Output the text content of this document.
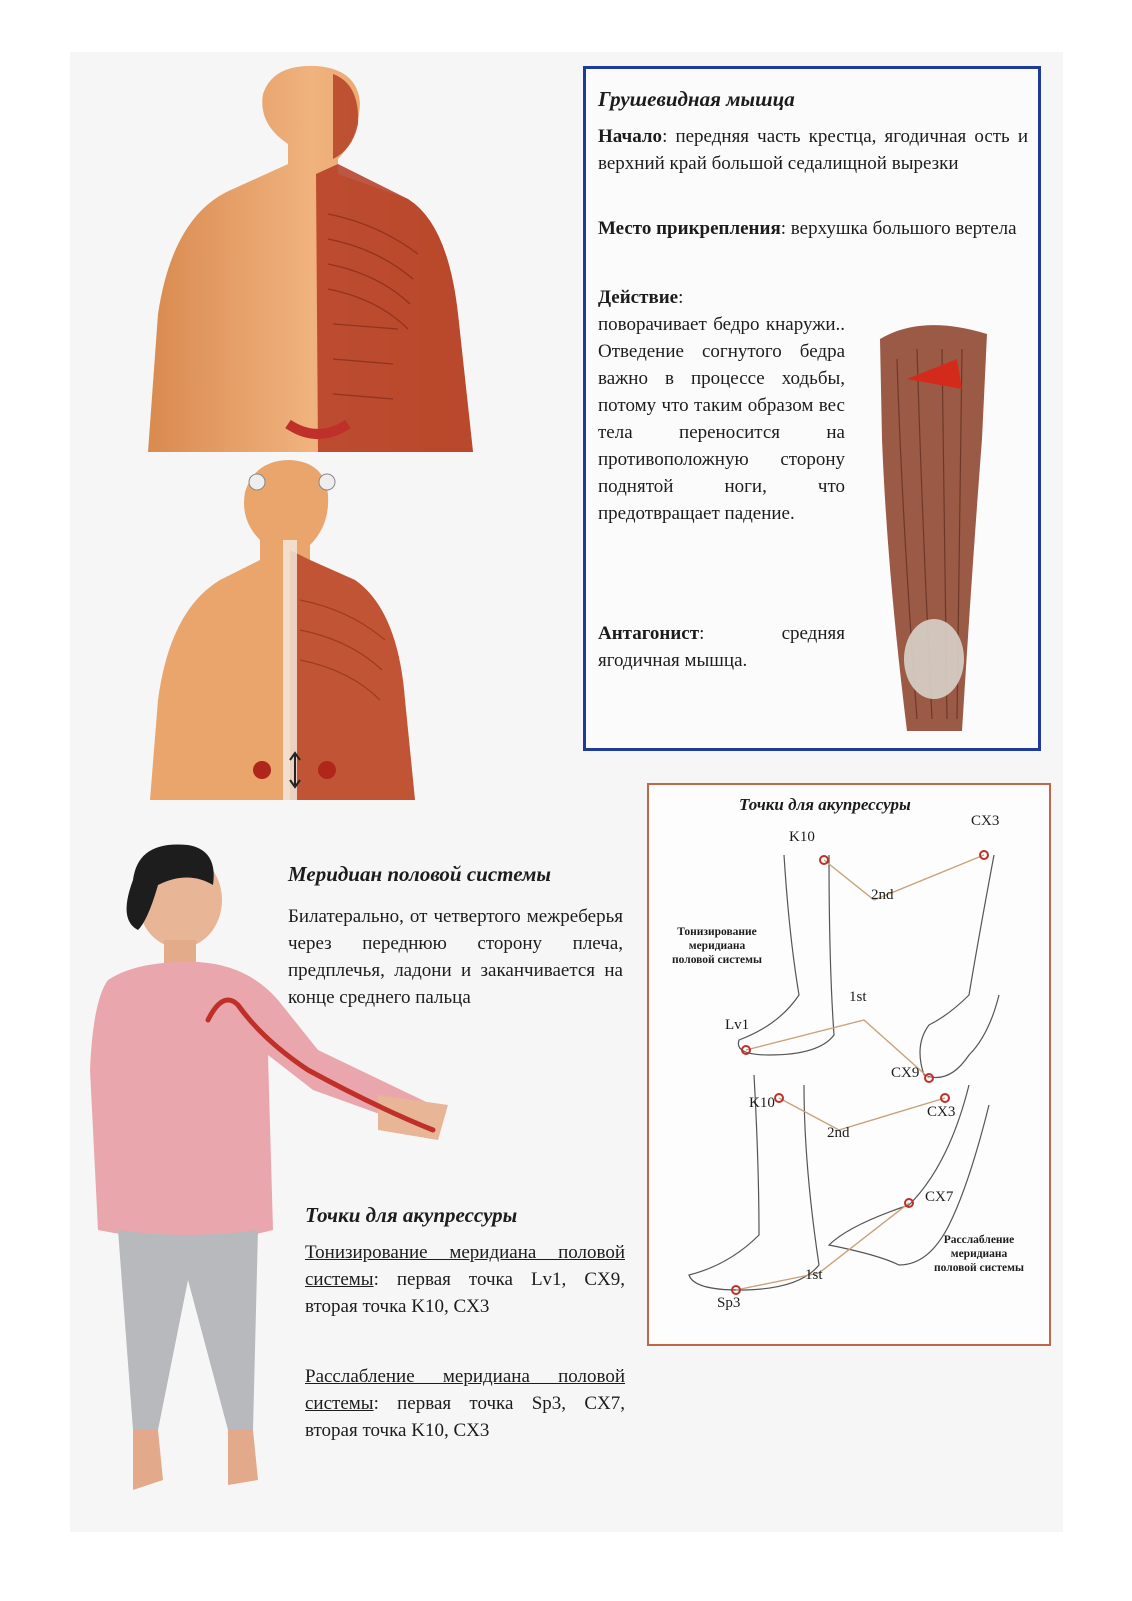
Грушевидная мышца
Начало: передняя часть крестца, ягодичная ость и верхний край большой седалищной вырезки
Место прикрепления: верхушка большого вертела
Действие:
поворачивает бедро кнаружи.. Отведение согнутого бедра важно в процессе ходьбы, потому что таким образом вес тела переносится на противоположную сторону поднятой ноги, что предотвращает падение.
Антагонист: средняя ягодичная мышца.
Точки для акупрессуры
K10
CX3
2nd
1st
Lv1
CX9
K10
CX3
2nd
CX7
1st
Sp3
Тонизирование
меридиана
половой системы
Расслабление
меридиана
половой системы
Меридиан половой системы
Билатерально, от четвертого межреберья через переднюю сторону плеча, предплечья, ладони и заканчивается на конце среднего пальца
Точки для акупрессуры
Тонизирование меридиана половой системы: первая точка Lv1, CX9, вторая точка K10, CX3
Расслабление меридиана половой системы: первая точка Sp3, CX7, вторая точка K10, CX3
